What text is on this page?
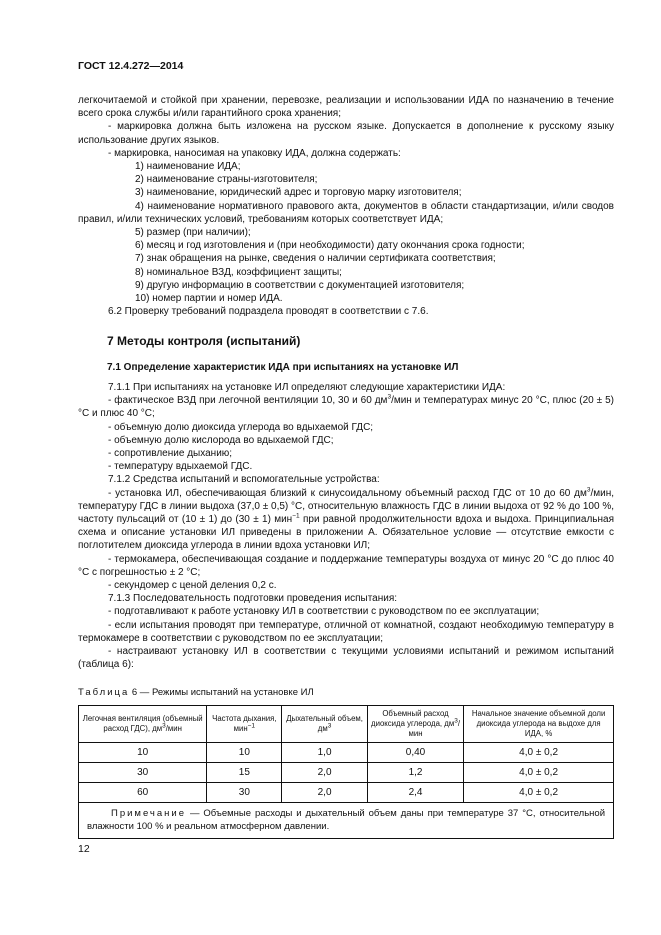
ГОСТ 12.4.272—2014

легкочитаемой и стойкой при хранении, перевозке, реализации и использовании ИДА по назначению в течение всего срока службы и/или гарантийного срока хранения;

- маркировка должна быть изложена на русском языке. Допускается в дополнение к русскому языку использование других языков.

- маркировка, наносимая на упаковку ИДА, должна содержать:

1) наименование ИДА;

2) наименование страны-изготовителя;

3) наименование, юридический адрес и торговую марку изготовителя;

4) наименование нормативного правового акта, документов в области стандартизации, и/или сводов правил, и/или технических условий, требованиям которых соответствует ИДА;

5) размер (при наличии);

6) месяц и год изготовления и (при необходимости) дату окончания срока годности;

7) знак обращения на рынке, сведения о наличии сертификата соответствия;

8) номинальное ВЗД, коэффициент защиты;

9) другую информацию в соответствии с документацией изготовителя;

10) номер партии и номер ИДА.

6.2 Проверку требований подраздела проводят в соответствии с 7.6.

7 Методы контроля (испытаний)
7.1 Определение характеристик ИДА при испытаниях на установке ИЛ

7.1.1 При испытаниях на установке ИЛ определяют следующие характеристики ИДА:

- фактическое ВЗД при легочной вентиляции 10, 30 и 60 $дм^3$/мин и температурах минус 20 °С, плюс (20 ± 5) °С и плюс 40 °С;

- объемную долю диоксида углерода во вдыхаемой ГДС;

- объемную долю кислорода во вдыхаемой ГДС;

- сопротивление дыханию;

- температуру вдыхаемой ГДС.

7.1.2 Средства испытаний и вспомогательные устройства:

- установка ИЛ, обеспечивающая близкий к синусоидальному объемный расход ГДС от 10 до 60 $дм^3$/мин, температуру ГДС в линии выдоха (37,0 ± 0,5) °С, относительную влажность ГДС в линии выдоха от 92 % до 100 %, частоту пульсаций от (10 ± 1) до (30 ± 1) мин$^{-1}$ при равной продолжительности вдоха и выдоха. Принципиальная схема и описание установки ИЛ приведены в приложении А. Обязательное условие — отсутствие емкости с поглотителем диоксида углерода в линии вдоха установки ИЛ;

- термокамера, обеспечивающая создание и поддержание температуры воздуха от минус 20 °С до плюс 40 °С с погрешностью ± 2 °С;

- секундомер с ценой деления 0,2 с.

7.1.3 Последовательность подготовки проведения испытания:

- подготавливают к работе установку ИЛ в соответствии с руководством по ее эксплуатации;

- если испытания проводят при температуре, отличной от комнатной, создают необходимую температуру в термокамере в соответствии с руководством по ее эксплуатации;

- настраивают установку ИЛ в соответствии с текущими условиями испытаний и режимом испытаний (таблица 6):

Таблица 6 — Режимы испытаний на установке ИЛ
Легочная вентиляция (объемный расход ГДС), $дм^3$/мин	Частота дыхания, мин$^{-1}$	Дыхательный объем, $дм^3$	Объемный расход диоксида углерода, $дм^3$/мин	Начальное значение объемной доли диоксида углерода на выдохе для ИДА, %
10	10	1,0	0,40	4,0 ± 0,2
30	15	2,0	1,2	4,0 ± 0,2
60	30	2,0	2,4	4,0 ± 0,2
Примечание — Объемные расходы и дыхательный объем даны при температуре 37 °С, относительной влажности 100 % и реальном атмосферном давлении.				
12
